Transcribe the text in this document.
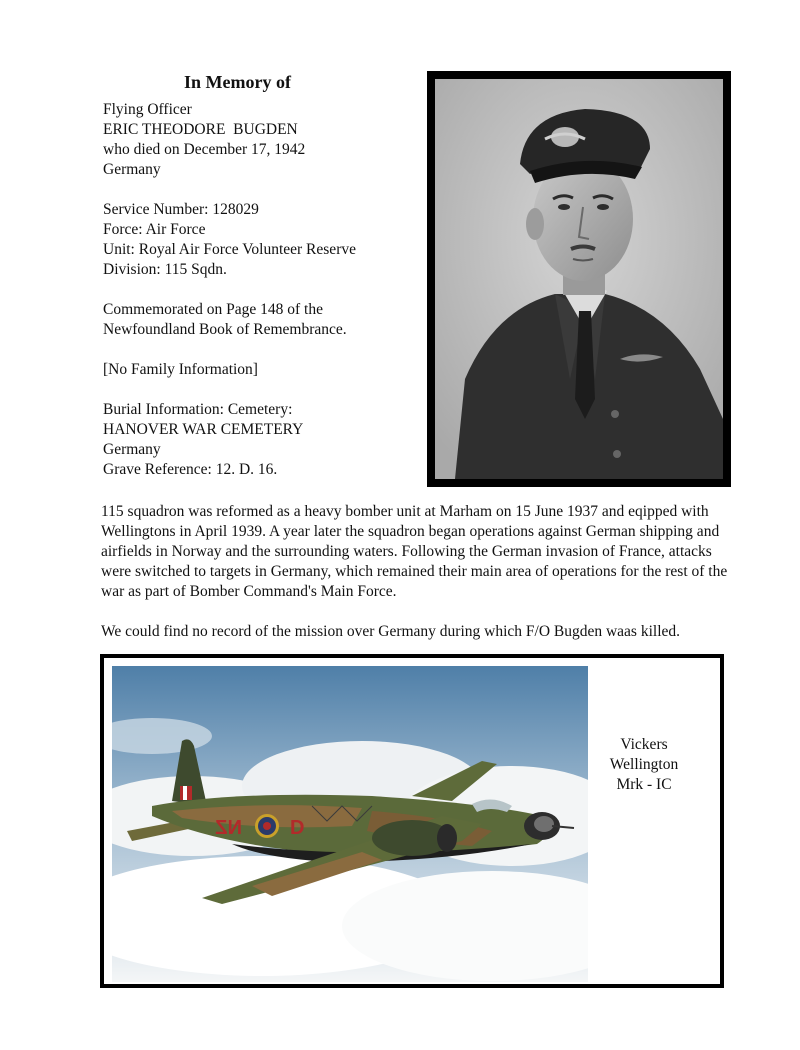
In Memory of
Flying Officer
ERIC THEODORE  BUGDEN
who died on December 17, 1942
Germany
Service Number: 128029
Force: Air Force
Unit: Royal Air Force Volunteer Reserve
Division: 115 Sqdn.
Commemorated on Page 148 of the
Newfoundland Book of Remembrance.
[No Family Information]
Burial Information: Cemetery:
HANOVER WAR CEMETERY
Germany
Grave Reference: 12. D. 16.

115 squadron was reformed as a heavy bomber unit at Marham on 15 June 1937 and eqipped with Wellingtons in April 1939. A year later the squadron began operations against German shipping and airfields in Norway and the surrounding waters. Following the German invasion of France, attacks were switched to targets in Germany, which remained their main area of operations for the rest of the war as part of Bomber Command's Main Force.

We could find no record of the mission over Germany during which F/O Bugden waas killed.

NZ D
Vickers
Wellington
Mrk - IC
